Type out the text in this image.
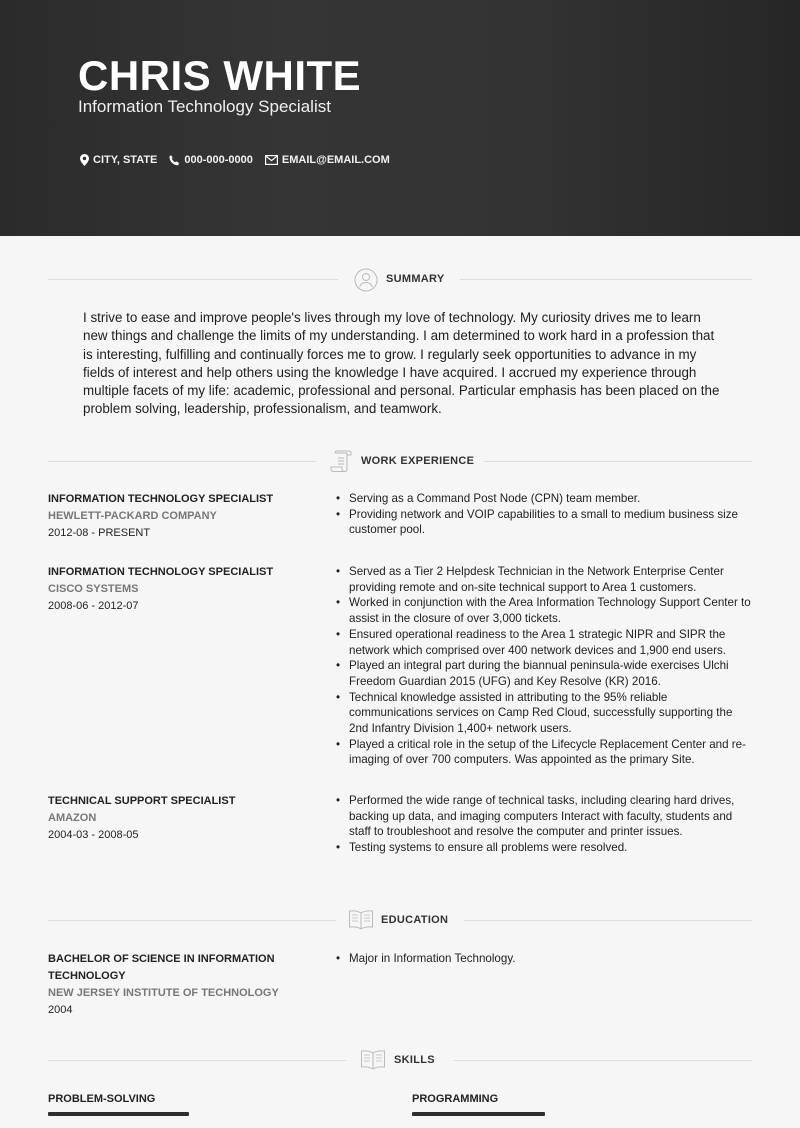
CHRIS WHITE
Information Technology Specialist
CITY, STATE 000-000-0000	EMAIL@EMAIL.COM
SUMMARY
I strive to ease and improve people's lives through my love of technology. My curiosity drives me to learn new things and challenge the limits of my understanding. I am determined to work hard in a profession that is interesting, fulfilling and continually forces me to grow. I regularly seek opportunities to advance in my fields of interest and help others using the knowledge I have acquired. I accrued my experience through multiple facets of my life: academic, professional and personal. Particular emphasis has been placed on the problem solving, leadership, professionalism, and teamwork.
WORK EXPERIENCE
INFORMATION TECHNOLOGY SPECIALIST
HEWLETT-PACKARD COMPANY
2012-08 - PRESENT
• Serving as a Command Post Node (CPN) team member.
• Providing network and VOIP capabilities to a small to medium business size customer pool.
INFORMATION TECHNOLOGY SPECIALIST
CISCO SYSTEMS
2008-06 - 2012-07
• Served as a Tier 2 Helpdesk Technician in the Network Enterprise Center providing remote and on-site technical support to Area 1 customers.
• Worked in conjunction with the Area Information Technology Support Center to assist in the closure of over 3,000 tickets.
• Ensured operational readiness to the Area 1 strategic NIPR and SIPR the network which comprised over 400 network devices and 1,900 end users.
• Played an integral part during the biannual peninsula-wide exercises Ulchi Freedom Guardian 2015 (UFG) and Key Resolve (KR) 2016.
• Technical knowledge assisted in attributing to the 95% reliable communications services on Camp Red Cloud, successfully supporting the 2nd Infantry Division 1,400+ network users.
• Played a critical role in the setup of the Lifecycle Replacement Center and re-imaging of over 700 computers. Was appointed as the primary Site.
TECHNICAL SUPPORT SPECIALIST
AMAZON
2004-03 - 2008-05
• Performed the wide range of technical tasks, including clearing hard drives, backing up data, and imaging computers Interact with faculty, students and staff to troubleshoot and resolve the computer and printer issues.
• Testing systems to ensure all problems were resolved.
EDUCATION
BACHELOR OF SCIENCE IN INFORMATION TECHNOLOGY
NEW JERSEY INSTITUTE OF TECHNOLOGY
2004
• Major in Information Technology.
SKILLS
PROBLEM-SOLVING	PROGRAMMING
